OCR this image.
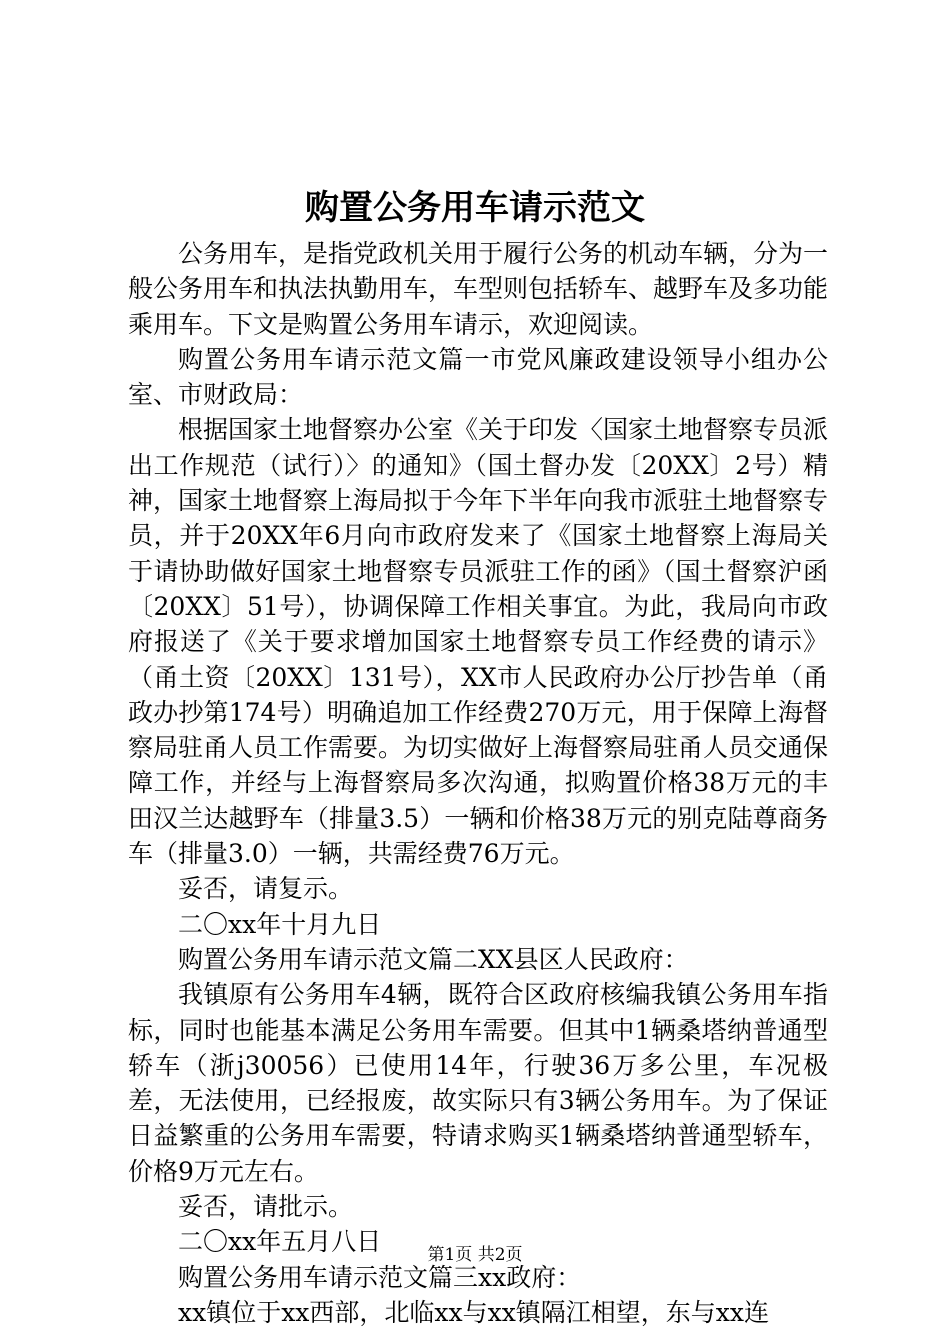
购置公务用车请示范文

公务用车，是指党政机关用于履行公务的机动车辆，分为一般公务用车和执法执勤用车，车型则包括轿车、越野车及多功能乘用车。下文是购置公务用车请示，欢迎阅读。

购置公务用车请示范文篇一市党风廉政建设领导小组办公室、市财政局：

根据国家土地督察办公室《关于印发〈国家土地督察专员派出工作规范（试行）〉的通知》（国土督办发〔20XX〕2号）精神，国家土地督察上海局拟于今年下半年向我市派驻土地督察专员，并于20XX年6月向市政府发来了《国家土地督察上海局关于请协助做好国家土地督察专员派驻工作的函》（国土督察沪函〔20XX〕51号），协调保障工作相关事宜。为此，我局向市政府报送了《关于要求增加国家土地督察专员工作经费的请示》（甬土资〔20XX〕131号），XX市人民政府办公厅抄告单（甬政办抄第174号）明确追加工作经费270万元，用于保障上海督察局驻甬人员工作需要。为切实做好上海督察局驻甬人员交通保障工作，并经与上海督察局多次沟通，拟购置价格38万元的丰田汉兰达越野车（排量3.5）一辆和价格38万元的别克陆尊商务车（排量3.0）一辆，共需经费76万元。

妥否，请复示。

二〇xx年十月九日

购置公务用车请示范文篇二XX县区人民政府：

我镇原有公务用车4辆，既符合区政府核编我镇公务用车指标，同时也能基本满足公务用车需要。但其中1辆桑塔纳普通型轿车（浙j30056）已使用14年，行驶36万多公里，车况极差，无法使用，已经报废，故实际只有3辆公务用车。为了保证日益繁重的公务用车需要，特请求购买1辆桑塔纳普通型轿车，价格9万元左右。

妥否，请批示。

二〇xx年五月八日

购置公务用车请示范文篇三xx政府：

xx镇位于xx西部，北临xx与xx镇隔江相望，东与xx连

第1页 共2页
